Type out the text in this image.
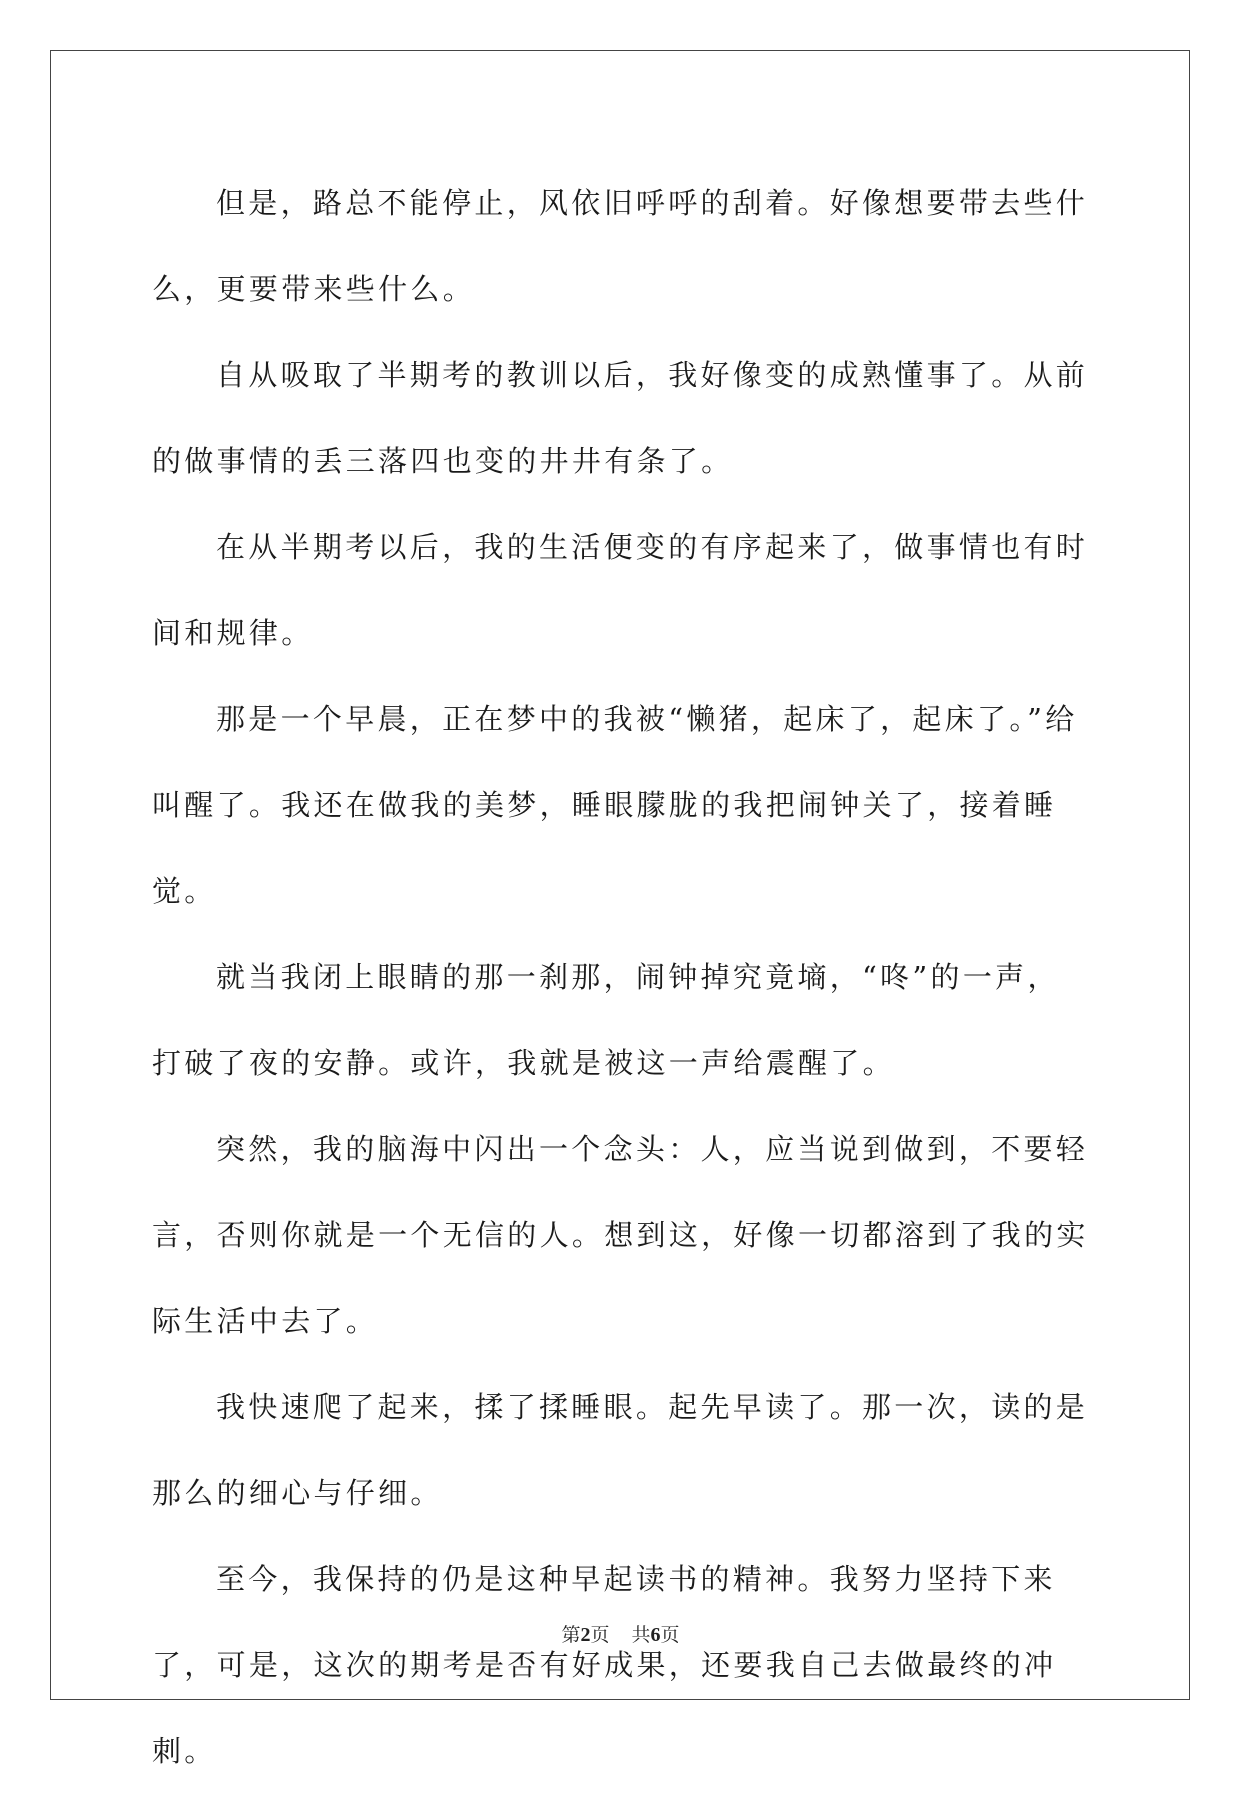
但是，路总不能停止，风依旧呼呼的刮着。好像想要带去些什么，更要带来些什么。

自从吸取了半期考的教训以后，我好像变的成熟懂事了。从前的做事情的丢三落四也变的井井有条了。

在从半期考以后，我的生活便变的有序起来了，做事情也有时间和规律。

那是一个早晨，正在梦中的我被“懒猪，起床了，起床了。”给叫醒了。我还在做我的美梦，睡眼朦胧的我把闹钟关了，接着睡觉。

就当我闭上眼睛的那一刹那，闹钟掉究竟墒，“咚”的一声，打破了夜的安静。或许，我就是被这一声给震醒了。

突然，我的脑海中闪出一个念头：人，应当说到做到，不要轻言，否则你就是一个无信的人。想到这，好像一切都溶到了我的实际生活中去了。

我快速爬了起来，揉了揉睡眼。起先早读了。那一次，读的是那么的细心与仔细。

至今，我保持的仍是这种早起读书的精神。我努力坚持下来了，可是，这次的期考是否有好成果，还要我自己去做最终的冲刺。

第2页 共6页
